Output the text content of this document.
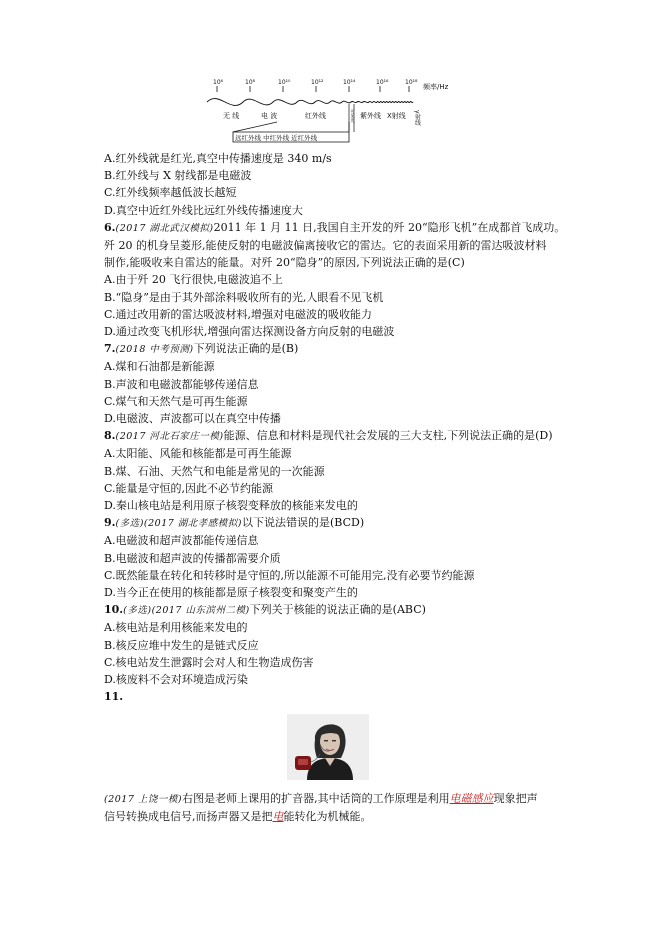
10⁶	10⁸	10¹⁰	10¹²	10¹⁴	10¹⁶	10¹⁸
频率/Hz
无 线	电 波	红外线	可见光 紫外线 X射线 γ射线
远红外线 中红外线 近红外线
A.红外线就是红光,真空中传播速度是 340 m/s
B.红外线与 X 射线都是电磁波
C.红外线频率越低波长越短
D.真空中近红外线比远红外线传播速度大
6.(2017 湖北武汉模拟)2011 年 1 月 11 日,我国自主开发的歼 20“隐形飞机”在成都首飞成功。
歼 20 的机身呈菱形,能使反射的电磁波偏离接收它的雷达。它的表面采用新的雷达吸波材料
制作,能吸收来自雷达的能量。对歼 20“隐身”的原因,下列说法正确的是(C)
A.由于歼 20 飞行很快,电磁波追不上
B.“隐身”是由于其外部涂料吸收所有的光,人眼看不见飞机
C.通过改用新的雷达吸波材料,增强对电磁波的吸收能力
D.通过改变飞机形状,增强向雷达探测设备方向反射的电磁波
7.(2018 中考预测)下列说法正确的是(B)
A.煤和石油都是新能源
B.声波和电磁波都能够传递信息
C.煤气和天然气是可再生能源
D.电磁波、声波都可以在真空中传播
8.(2017 河北石家庄一模)能源、信息和材料是现代社会发展的三大支柱,下列说法正确的是(D)
A.太阳能、风能和核能都是可再生能源
B.煤、石油、天然气和电能是常见的一次能源
C.能量是守恒的,因此不必节约能源
D.秦山核电站是利用原子核裂变释放的核能来发电的
9.(多选)(2017 湖北孝感模拟)以下说法错误的是(BCD)
A.电磁波和超声波都能传递信息
B.电磁波和超声波的传播都需要介质
C.既然能量在转化和转移时是守恒的,所以能源不可能用完,没有必要节约能源
D.当今正在使用的核能都是原子核裂变和聚变产生的
10.(多选)(2017 山东滨州二模)下列关于核能的说法正确的是(ABC)
A.核电站是利用核能来发电的
B.核反应堆中发生的是链式反应
C.核电站发生泄露时会对人和生物造成伤害
D.核废料不会对环境造成污染
11.
(2017 上饶一模)右图是老师上课用的扩音器,其中话筒的工作原理是利用电磁感应现象把声
信号转换成电信号,而扬声器又是把电能转化为机械能。
